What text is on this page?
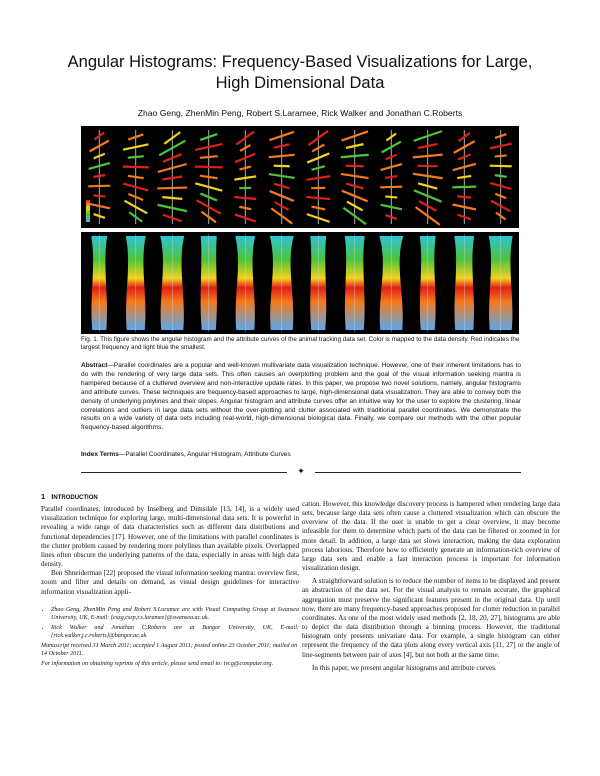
Angular Histograms: Frequency-Based Visualizations for Large,
High Dimensional Data
Zhao Geng, ZhenMin Peng, Robert S.Laramee, Rick Walker and Jonathan C.Roberts
Fig. 1. This figure shows the angular histogram and the attribute curves of the animal tracking data set. Color is mapped to the data density. Red indicates the largest frequency and light blue the smallest.
Abstract—Parallel coordinates are a popular and well-known multivariate data visualization technique. However, one of their inherent limitations has to do with the rendering of very large data sets. This often causes an overplotting problem and the goal of the visual information seeking mantra is hampered because of a cluttered overview and non-interactive update rates. In this paper, we propose two novel solutions, namely, angular histograms and attribute curves. These techniques are frequency-based approaches to large, high-dimensional data visualization. They are able to convey both the density of underlying polylines and their slopes. Angular histogram and attribute curves offer an intuitive way for the user to explore the clustering, linear correlations and outliers in large data sets without the over-plotting and clutter associated with traditional parallel coordinates. We demonstrate the results on a wide variety of data sets including real-world, high-dimensional biological data. Finally, we compare our methods with the other popular frequency-based algorithms.
Index Terms—Parallel Coordinates, Angular Histogram, Attribute Curves
✦
1 INTRODUCTION

Parallel coordinates, introduced by Inselberg and Dimsdale [13, 14], is a widely used visualization technique for exploring large, multi-dimensional data sets. It is powerful in revealing a wide range of data characteristics such as different data distributions and functional dependencies [17]. However, one of the limitations with parallel coordinates is the clutter problem caused by rendering more polylines than available pixels. Overlapped lines often obscure the underlying patterns of the data, especially in areas with high data density.

Ben Shneiderman [22] proposed the visual information seeking mantra: overview first, zoom and filter and details on demand, as visual design guidelines for interactive information visualization appli-

• Zhao Geng, ZhenMin Peng and Robert S.Laramee are with Visual Computing Group at Swansea University, UK, E-mail: {cszg,cszp,r.s.laramee}@swansea.ac.uk.
• Rick Walker and Jonathan C.Roberts are at Bangor University, UK, E-mail: {rick.walker,j.c.roberts}@bangor.ac.uk.

Manuscript received 31 March 2011; accepted 1 August 2011; posted online 23 October 2011; mailed on 14 October 2011.

For information on obtaining reprints of this article, please send email to: tvcg@computer.org.

cation. However, this knowledge discovery process is hampered when rendering large data sets, because large data sets often cause a cluttered visualization which can obscure the overview of the data. If the user is unable to get a clear overview, it may become infeasible for them to determine which parts of the data can be filtered or zoomed in for more detail. In addition, a large data set slows interaction, making the data exploration process laborious. Therefore how to efficiently generate an information-rich overview of large data sets and enable a fast interaction process is important for information visualization design.

A straightforward solution is to reduce the number of items to be displayed and present an abstraction of the data set. For the visual analysis to remain accurate, the graphical aggregation must preserve the significant features present in the original data. Up until now, there are many frequency-based approaches proposed for clutter reduction in parallel coordinates. As one of the most widely used methods [2, 18, 20, 27], histograms are able to depict the data distribution through a binning process. However, the traditional histogram only presents univariate data. For example, a single histogram can either represent the frequency of the data plots along every vertical axis [11, 27] or the angle of line-segments between pair of axes [4], but not both at the same time.

In this paper, we present angular histograms and attribute curves.
